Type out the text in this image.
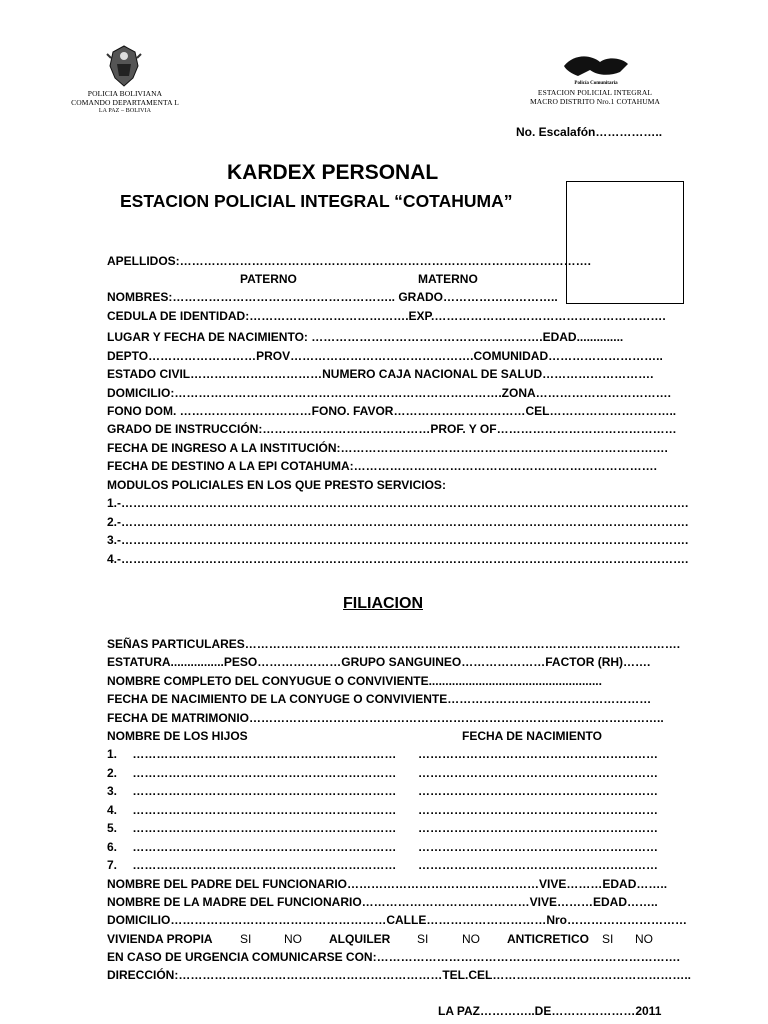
POLICIA BOLIVIANA
COMANDO DEPARTAMENTA L
LA PAZ – BOLIVIA
Policía Comunitaria
ESTACION POLICIAL INTEGRAL
MACRO DISTRITO Nro.1 COTAHUMA
No. Escalafón……………..
KARDEX PERSONAL
ESTACION POLICIAL INTEGRAL “COTAHUMA”
APELLIDOS:………………………………………………………………………………………….
PATERNO	MATERNO
NOMBRES:……………………………………………….. GRADO………………………..
CEDULA DE IDENTIDAD:………………………………….EXP.………………………………………………….
LUGAR Y FECHA DE NACIMIENTO: ………………………………………………….EDAD..............
DEPTO………………………PROV……………………………………….COMUNIDAD………………………..
ESTADO CIVIL……………………………NUMERO CAJA NACIONAL DE SALUD……………………….
DOMICILIO:……………………………………………………………………….ZONA…………………………….
FONO DOM. ……………………………FONO. FAVOR……………………………CEL…………………………..
GRADO DE INSTRUCCIÓN:……………………………………PROF. Y OF………………………………………
FECHA DE INGRESO A LA INSTITUCIÓN:……………………………………………………………………….
FECHA DE DESTINO A LA EPI COTAHUMA:………………………………………………………………….
MODULOS POLICIALES EN LOS QUE PRESTO SERVICIOS:
1.-…………………………………………………………………………………………………………………………….
2.-…………………………………………………………………………………………………………………………….
3.-…………………………………………………………………………………………………………………………….
4.-…………………………………………………………………………………………………………………………….
FILIACION
SEÑAS PARTICULARES……………………………………………………………………………………………….
ESTATURA................PESO…………………GRUPO SANGUINEO…………………FACTOR (RH)…….
NOMBRE COMPLETO DEL CONYUGUE O CONVIVIENTE....................................................
FECHA DE NACIMIENTO DE LA CONYUGE O CONVIVIENTE……………………………………………
FECHA DE MATRIMONIO…………………………………………………………………………………………..
NOMBRE DE LOS HIJOS	FECHA DE NACIMIENTO
1. ………………………………………………………… ……………………………………………………
2. ………………………………………………………… ……………………………………………………
3. ………………………………………………………… ……………………………………………………
4. ………………………………………………………… ……………………………………………………
5. ………………………………………………………… ……………………………………………………
6. ………………………………………………………… ……………………………………………………
7. ………………………………………………………… ……………………………………………………
NOMBRE DEL PADRE DEL FUNCIONARIO…………………………………………VIVE………EDAD……..
NOMBRE DE LA MADRE DEL FUNCIONARIO……………………………………VIVE………EDAD……..
DOMICILIO………………………………………………CALLE…………………………Nro…………………………
VIVIENDA PROPIA SI	NO ALQUILER SI	NO ANTICRETICO SI NO
EN CASO DE URGENCIA COMUNICARSE CON:………………………………………………………………….
DIRECCIÓN:…………………………………………………………TEL.CEL…………………………………………..
LA PAZ…………..DE…………………2011
